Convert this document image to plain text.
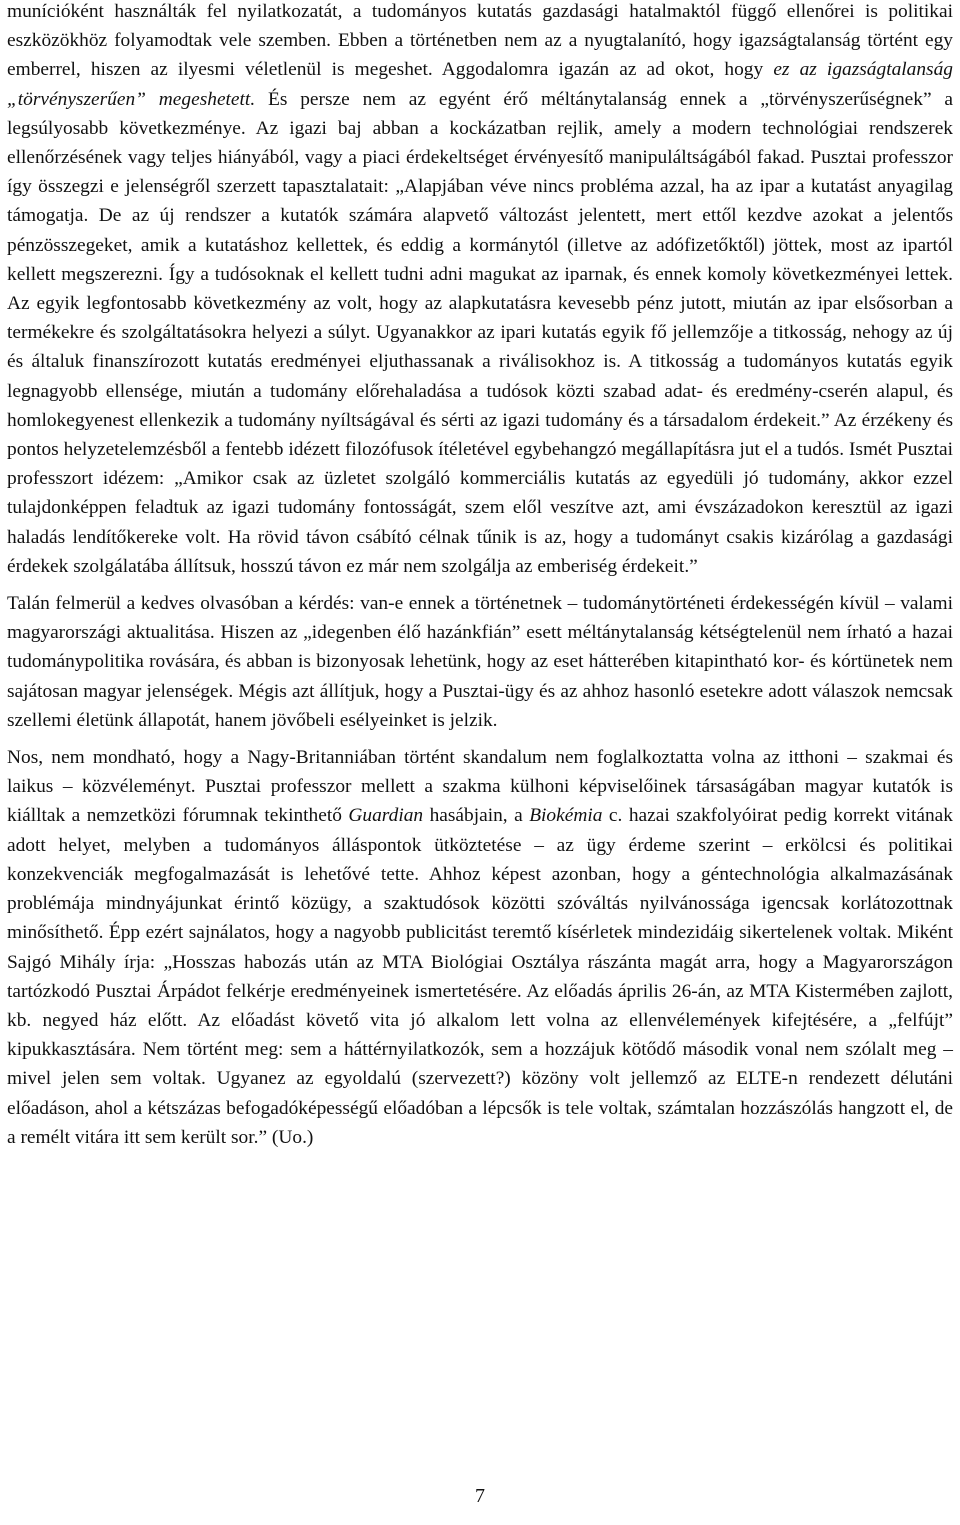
munícióként használták fel nyilatkozatát, a tudományos kutatás gazdasági hatalmaktól függő ellenőrei is politikai eszközökhöz folyamodtak vele szemben. Ebben a történetben nem az a nyugtalanító, hogy igazságtalanság történt egy emberrel, hiszen az ilyesmi véletlenül is megeshet. Aggodalomra igazán az ad okot, hogy ez az igazságtalanság „törvényszerűen” megeshetett. És persze nem az egyént érő méltánytalanság ennek a „törvényszerűségnek” a legsúlyosabb következménye. Az igazi baj abban a kockázatban rejlik, amely a modern technológiai rendszerek ellenőrzésének vagy teljes hiányából, vagy a piaci érdekeltséget érvényesítő manipuláltságából fakad. Pusztai professzor így összegzi e jelenségről szerzett tapasztalatait: „Alapjában véve nincs probléma azzal, ha az ipar a kutatást anyagilag támogatja. De az új rendszer a kutatók számára alapvető változást jelentett, mert ettől kezdve azokat a jelentős pénzösszegeket, amik a kutatáshoz kellettek, és eddig a kormánytól (illetve az adófizetőktől) jöttek, most az ipartól kellett megszerezni. Így a tudósoknak el kellett tudni adni magukat az iparnak, és ennek komoly következményei lettek. Az egyik legfontosabb következmény az volt, hogy az alapkutatásra kevesebb pénz jutott, miután az ipar elsősorban a termékekre és szolgáltatásokra helyezi a súlyt. Ugyanakkor az ipari kutatás egyik fő jellemzője a titkosság, nehogy az új és általuk finanszírozott kutatás eredményei eljuthassanak a riválisokhoz is. A titkosság a tudományos kutatás egyik legnagyobb ellensége, miután a tudomány előrehaladása a tudósok közti szabad adat- és eredmény-cserén alapul, és homlokegyenest ellenkezik a tudomány nyíltságával és sérti az igazi tudomány és a társadalom érdekeit.” Az érzékeny és pontos helyzetelemzésből a fentebb idézett filozófusok ítéletével egybehangzó megállapításra jut el a tudós. Ismét Pusztai professzort idézem: „Amikor csak az üzletet szolgáló kommerciális kutatás az egyedüli jó tudomány, akkor ezzel tulajdonképpen feladtuk az igazi tudomány fontosságát, szem elől veszítve azt, ami évszázadokon keresztül az igazi haladás lendítőkereke volt. Ha rövid távon csábító célnak tűnik is az, hogy a tudományt csakis kizárólag a gazdasági érdekek szolgálatába állítsuk, hosszú távon ez már nem szolgálja az emberiség érdekeit.”

Talán felmerül a kedves olvasóban a kérdés: van-e ennek a történetnek – tudománytörténeti érdekességén kívül – valami magyarországi aktualitása. Hiszen az „idegenben élő hazánkfián” esett méltánytalanság kétségtelenül nem írható a hazai tudománypolitika rovására, és abban is bizonyosak lehetünk, hogy az eset hátterében kitapintható kor- és kórtünetek nem sajátosan magyar jelenségek. Mégis azt állítjuk, hogy a Pusztai-ügy és az ahhoz hasonló esetekre adott válaszok nemcsak szellemi életünk állapotát, hanem jövőbeli esélyeinket is jelzik.

Nos, nem mondható, hogy a Nagy-Britanniában történt skandalum nem foglalkoztatta volna az itthoni – szakmai és laikus – közvéleményt. Pusztai professzor mellett a szakma külhoni képviselőinek társaságában magyar kutatók is kiálltak a nemzetközi fórumnak tekinthető Guardian hasábjain, a Biokémia c. hazai szakfolyóirat pedig korrekt vitának adott helyet, melyben a tudományos álláspontok ütköztetése – az ügy érdeme szerint – erkölcsi és politikai konzekvenciák megfogalmazását is lehetővé tette. Ahhoz képest azonban, hogy a géntechnológia alkalmazásának problémája mindnyájunkat érintő közügy, a szaktudósok közötti szóváltás nyilvánossága igencsak korlátozottnak minősíthető. Épp ezért sajnálatos, hogy a nagyobb publicitást teremtő kísérletek mindezidáig sikertelenek voltak. Miként Sajgó Mihály írja: „Hosszas habozás után az MTA Biológiai Osztálya rászánta magát arra, hogy a Magyarországon tartózkodó Pusztai Árpádot felkérje eredményeinek ismertetésére. Az előadás április 26-án, az MTA Kistermében zajlott, kb. negyed ház előtt. Az előadást követő vita jó alkalom lett volna az ellenvélemények kifejtésére, a „felfújt” kipukkasztására. Nem történt meg: sem a háttérnyilatkozók, sem a hozzájuk kötődő második vonal nem szólalt meg – mivel jelen sem voltak. Ugyanez az egyoldalú (szervezett?) közöny volt jellemző az ELTE-n rendezett délutáni előadáson, ahol a kétszázas befogadóképességű előadóban a lépcsők is tele voltak, számtalan hozzászólás hangzott el, de a remélt vitára itt sem került sor.” (Uo.)

7
